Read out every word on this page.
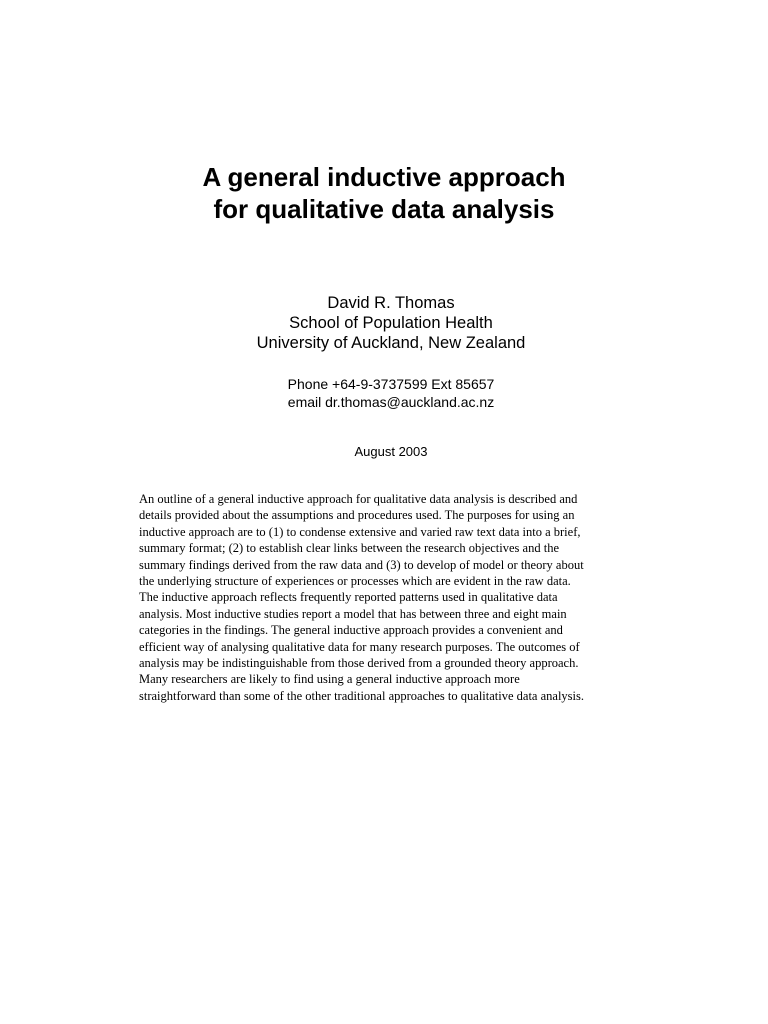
A general inductive approach
for qualitative data analysis
David R. Thomas
School of Population Health
University of Auckland, New Zealand
Phone +64-9-3737599 Ext 85657
email dr.thomas@auckland.ac.nz
August 2003

An outline of a general inductive approach for qualitative data analysis is described and
details provided about the assumptions and procedures used. The purposes for using an
inductive approach are to (1) to condense extensive and varied raw text data into a brief,
summary format; (2) to establish clear links between the research objectives and the
summary findings derived from the raw data and (3) to develop of model or theory about
the underlying structure of experiences or processes which are evident in the raw data.
The inductive approach reflects frequently reported patterns used in qualitative data
analysis. Most inductive studies report a model that has between three and eight main
categories in the findings. The general inductive approach provides a convenient and
efficient way of analysing qualitative data for many research purposes. The outcomes of
analysis may be indistinguishable from those derived from a grounded theory approach.
Many researchers are likely to find using a general inductive approach more
straightforward than some of the other traditional approaches to qualitative data analysis.
